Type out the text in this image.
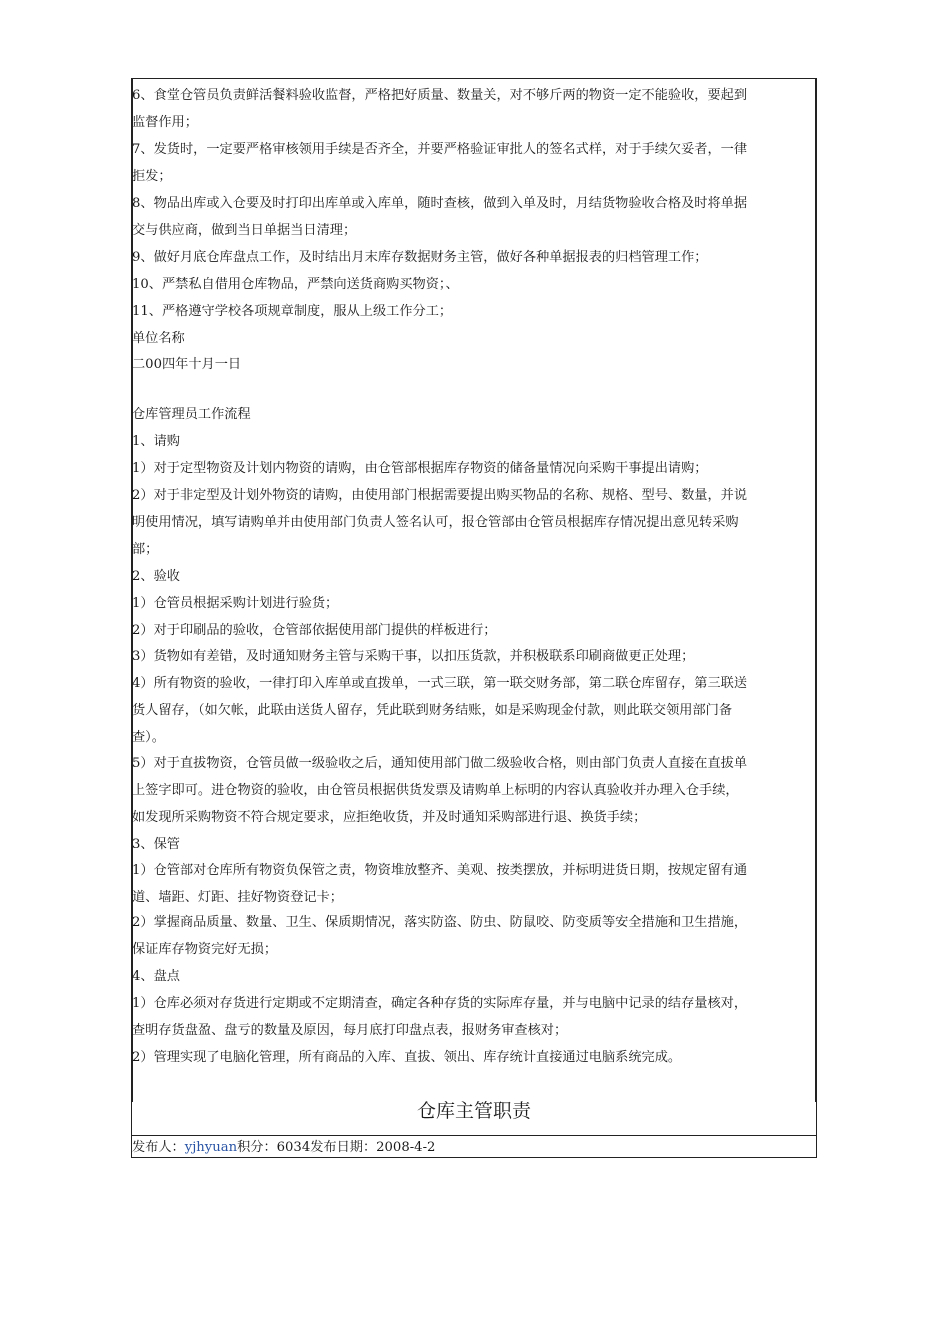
6、食堂仓管员负责鲜活餐料验收监督，严格把好质量、数量关，对不够斤两的物资一定不能验收，要起到
监督作用；
7、发货时，一定要严格审核领用手续是否齐全，并要严格验证审批人的签名式样，对于手续欠妥者，一律
拒发；
8、物品出库或入仓要及时打印出库单或入库单，随时查核，做到入单及时，月结货物验收合格及时将单据
交与供应商，做到当日单据当日清理；
9、做好月底仓库盘点工作，及时结出月末库存数据财务主管，做好各种单据报表的归档管理工作；
10、严禁私自借用仓库物品，严禁向送货商购买物资；、
11、严格遵守学校各项规章制度，服从上级工作分工；
单位名称
二00四年十月一日
仓库管理员工作流程
1、请购
1）对于定型物资及计划内物资的请购，由仓管部根据库存物资的储备量情况向采购干事提出请购；
2）对于非定型及计划外物资的请购，由使用部门根据需要提出购买物品的名称、规格、型号、数量，并说
明使用情况，填写请购单并由使用部门负责人签名认可，报仓管部由仓管员根据库存情况提出意见转采购
部；
2、验收
1）仓管员根据采购计划进行验货；
2）对于印刷品的验收，仓管部依据使用部门提供的样板进行；
3）货物如有差错，及时通知财务主管与采购干事，以扣压货款，并积极联系印刷商做更正处理；
4）所有物资的验收，一律打印入库单或直拨单，一式三联，第一联交财务部，第二联仓库留存，第三联送
货人留存，（如欠帐，此联由送货人留存，凭此联到财务结账，如是采购现金付款，则此联交领用部门备
查）。
5）对于直拔物资，仓管员做一级验收之后，通知使用部门做二级验收合格，则由部门负责人直接在直拔单
上签字即可。进仓物资的验收，由仓管员根据供货发票及请购单上标明的内容认真验收并办理入仓手续，
如发现所采购物资不符合规定要求，应拒绝收货，并及时通知采购部进行退、换货手续；
3、保管
1）仓管部对仓库所有物资负保管之责，物资堆放整齐、美观、按类摆放，并标明进货日期，按规定留有通
道、墙距、灯距、挂好物资登记卡；
2）掌握商品质量、数量、卫生、保质期情况，落实防盗、防虫、防鼠咬、防变质等安全措施和卫生措施，
保证库存物资完好无损；
4、盘点
1）仓库必须对存货进行定期或不定期清查，确定各种存货的实际库存量，并与电脑中记录的结存量核对，
查明存货盘盈、盘亏的数量及原因，每月底打印盘点表，报财务审查核对；
2）管理实现了电脑化管理，所有商品的入库、直拔、领出、库存统计直接通过电脑系统完成。
仓库主管职责
发布人：yjhyuan积分：6034发布日期：2008-4-2
